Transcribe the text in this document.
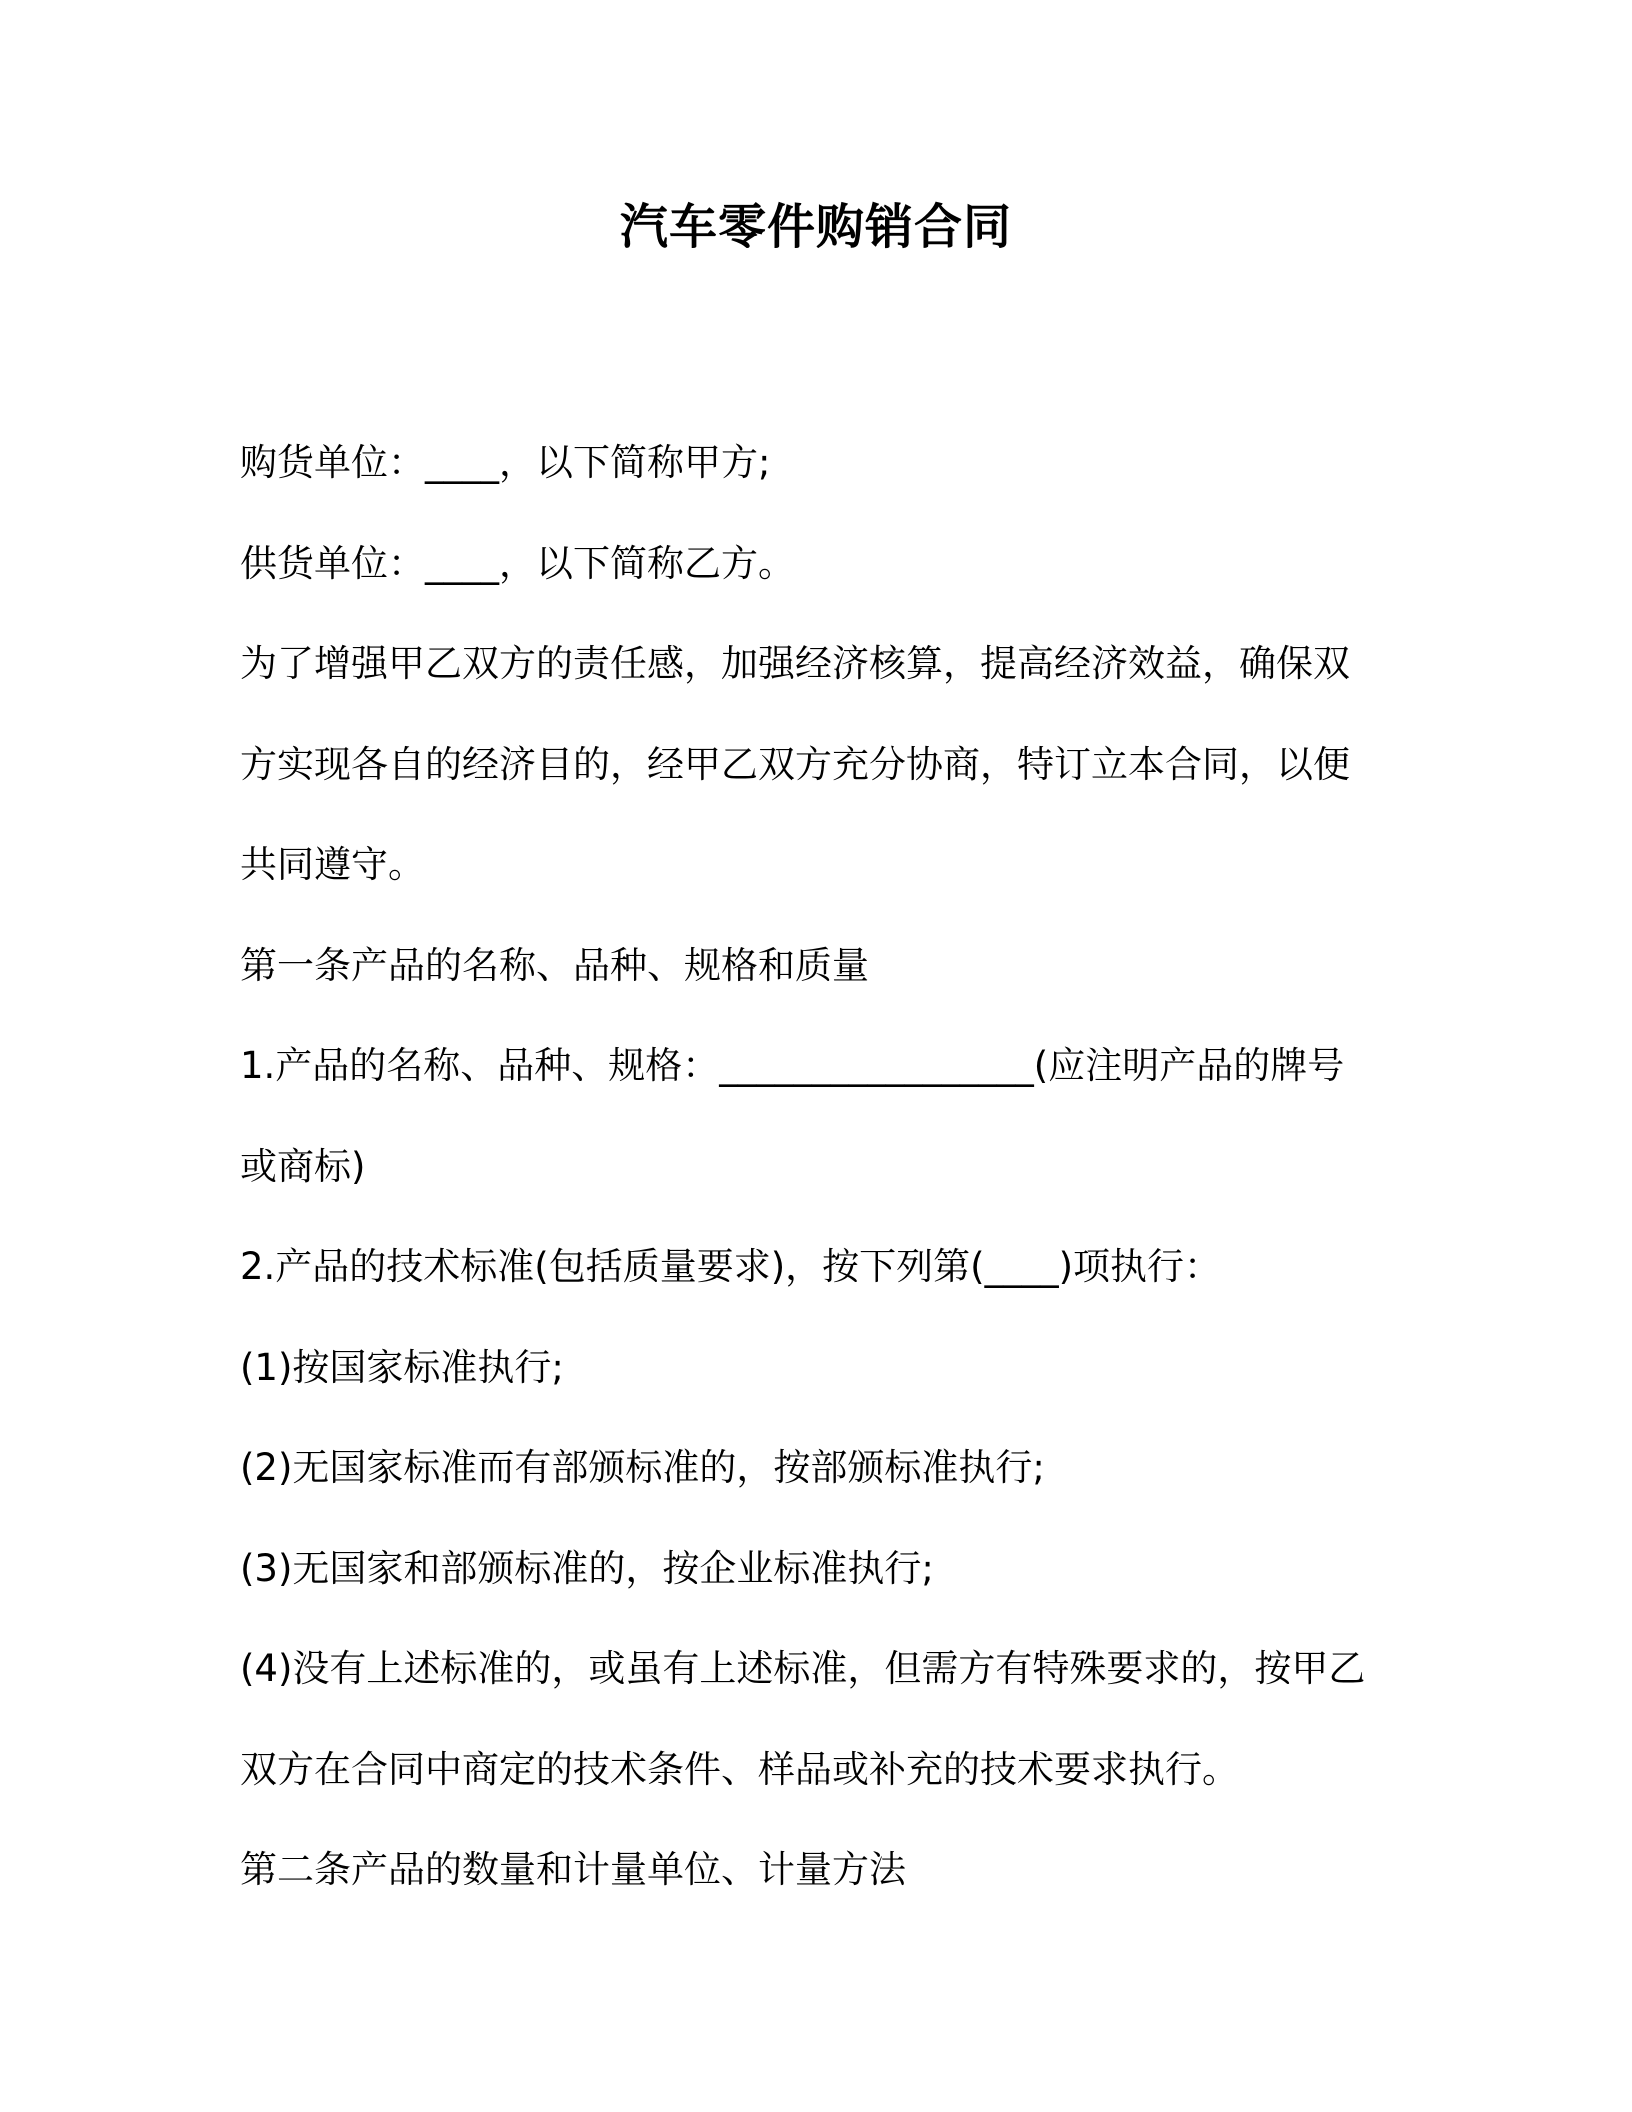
汽车零件购销合同

购货单位：____，以下简称甲方;

供货单位：____，以下简称乙方。

为了增强甲乙双方的责任感，加强经济核算，提高经济效益，确保双
方实现各自的经济目的，经甲乙双方充分协商，特订立本合同，以便
共同遵守。

第一条产品的名称、品种、规格和质量

1.产品的名称、品种、规格：_________________(应注明产品的牌号
或商标)

2.产品的技术标准(包括质量要求)，按下列第(____)项执行：

(1)按国家标准执行;

(2)无国家标准而有部颁标准的，按部颁标准执行;

(3)无国家和部颁标准的，按企业标准执行;

(4)没有上述标准的，或虽有上述标准，但需方有特殊要求的，按甲乙
双方在合同中商定的技术条件、样品或补充的技术要求执行。

第二条产品的数量和计量单位、计量方法
